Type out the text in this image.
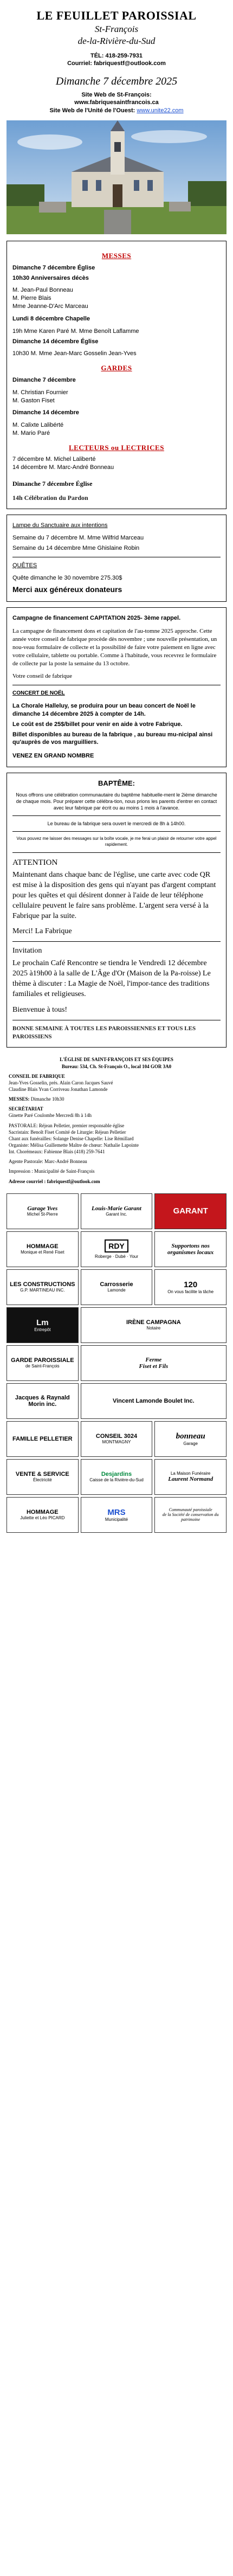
LE FEUILLET PAROISSIAL
St-François
de-la-Rivière-du-Sud
TÉL: 418-259-7931
Courriel: fabriquestf@outlook.com
Dimanche 7 décembre 2025
Site Web de St-François:
www.fabriquesaintfrancois.ca
Site Web de l'Unité de l'Ouest: www.unite22.com
MESSES

Dimanche 7 décembre Église

10h30 Anniversaires décès

M. Jean-Paul Bonneau

M. Pierre Blais

Mme Jeanne-D'Arc Marceau

Lundi 8 décembre Chapelle

19h Mme Karen Paré M. Mme Benoît Laflamme

Dimanche 14 décembre Église

10h30 M. Mme Jean-Marc Gosselin Jean-Yves

GARDES

Dimanche 7 décembre

M. Christian Fournier

M. Gaston Fiset

Dimanche 14 décembre

M. Calixte Lalibérté

M. Mario Paré

LECTEURS ou LECTRICES

7 décembre M. Michel Laliberté

14 décembre M. Marc-André Bonneau

Dimanche 7 décembre Église

14h Célébration du Pardon

Lampe du Sanctuaire aux intentions

Semaine du 7 décembre M. Mme Wilfrid Marceau

Semaine du 14 décembre Mme Ghislaine Robin

QUÊTES

Quête dimanche le 30 novembre 275.30$

Merci aux généreux donateurs

Campagne de financement CAPITATION 2025- 3ème rappel.

La campagne de financement dons et capitation de l'au-tomne 2025 approche. Cette année votre conseil de fabrique procède dès novembre ; une nouvelle présentation, un nou-veau formulaire de collecte et la possibilité de faire votre paiement en ligne avec votre cellulaire, tablette ou portable. Comme à l'habitude, vous recevrez le formulaire de collecte par la poste la semaine du 13 octobre.

Votre conseil de fabrique

CONCERT DE NOËL

La Chorale Halleluy, se produira pour un beau concert de Noël le dimanche 14 décembre 2025 à compter de 14h.

Le coût est de 25$/billet pour venir en aide à votre Fabrique.

Billet disponibles au bureau de la fabrique , au bureau mu-nicipal ainsi qu'auprès de vos marguilliers.

VENEZ EN GRAND NOMBRE

BAPTÊME:

Nous offrons une célébration communautaire du baptême habituelle-ment le 2ième dimanche de chaque mois. Pour préparer cette célébra-tion, nous prions les parents d'entrer en contact avec leur fabrique par écrit ou au moins 1 mois à l'avance.

Le bureau de la fabrique sera ouvert le mercredi de 8h à 14h00.

Vous pouvez me laisser des messages sur la boîte vocale, je me ferai un plaisir de retourner votre appel rapidement.

ATTENTION

Maintenant dans chaque banc de l'église, une carte avec code QR est mise à la disposition des gens qui n'ayant pas d'argent comptant pour les quêtes et qui désirent donner à l'aide de leur téléphone cellulaire peuvent le faire sans problème. L'argent sera versé à la Fabrique par la suite.

Merci! La Fabrique

Invitation

Le prochain Café Rencontre se tiendra le Vendredi 12 décembre 2025 à19h00 à la salle de L'Âge d'Or (Maison de la Pa-roisse) Le thème à discuter : La Magie de Noël, l'impor-tance des traditions familiales et religieuses.

Bienvenue à tous!

BONNE SEMAINE À TOUTES LES PAROISSIENNES ET TOUS LES PAROISSIENS

L'ÉGLISE DE SAINT-FRANÇOIS ET SES ÉQUIPES
Bureau: 534, Ch. St-François O., local 104 GOR 3A0
CONSEIL DE FABRIQUE
Jean-Yves Gosselin, prés. Alain Caron Jacques Sauvé
Claudine Blais Yvan Corriveau Jonathan Lamonde
MESSES: Dimanche 10h30
SECRÉTARIAT
Ginette Paré Coulombe Mercredi 8h à 14h
PASTORALE: Réjean Pelletier, premier responsable église
Sacristain: Benoît Fiset Comité de Liturgie: Réjean Pelletier
Chant aux funérailles: Solange Denise Chapelle: Lise Rémillard
Organiste: Mélisa Guillemette Maître de chœur: Nathalie Lapointe
Int. Chorémeaux: Fabienne Blais (418) 259-7641
Agente Pastorale: Marc-André Bonneau
Impression : Municipalité de Saint-François
Adresse courriel : fabriquestf@outlook.com
Garage Yves
Michel St-Pierre
Louis-Marie Garant
Garant Inc.	GARANT
HOMMAGE
Monique et René Fiset
RDY
Roberge · Dubé · Your
Supportons nos
organismes locaux
LES CONSTRUCTIONS
G.P. MARTINEAU INC.
Carrosserie
Lamonde
120
On vous facilite la tâche
Lm
Entrepôt
IRÈNE CAMPAGNA
Notaire
GARDE PAROISSIALE
de Saint-François
Ferme
Fiset et Fils
Jacques & Raynald Morin inc.	Vincent Lamonde Boulet Inc.
FAMILLE PELLETIER	CONSEIL 3024
MONTMAGNY
bonneau
Garage
VENTE & SERVICE
Électricité
Desjardins
Caisse de la Rivière-du-Sud
La Maison Funéraire
Laurent Normand
HOMMAGE
Juliette et Léo PICARD
MRS
Municipalité
Communauté paroissiale
de la Société de conservation du patrimoine
